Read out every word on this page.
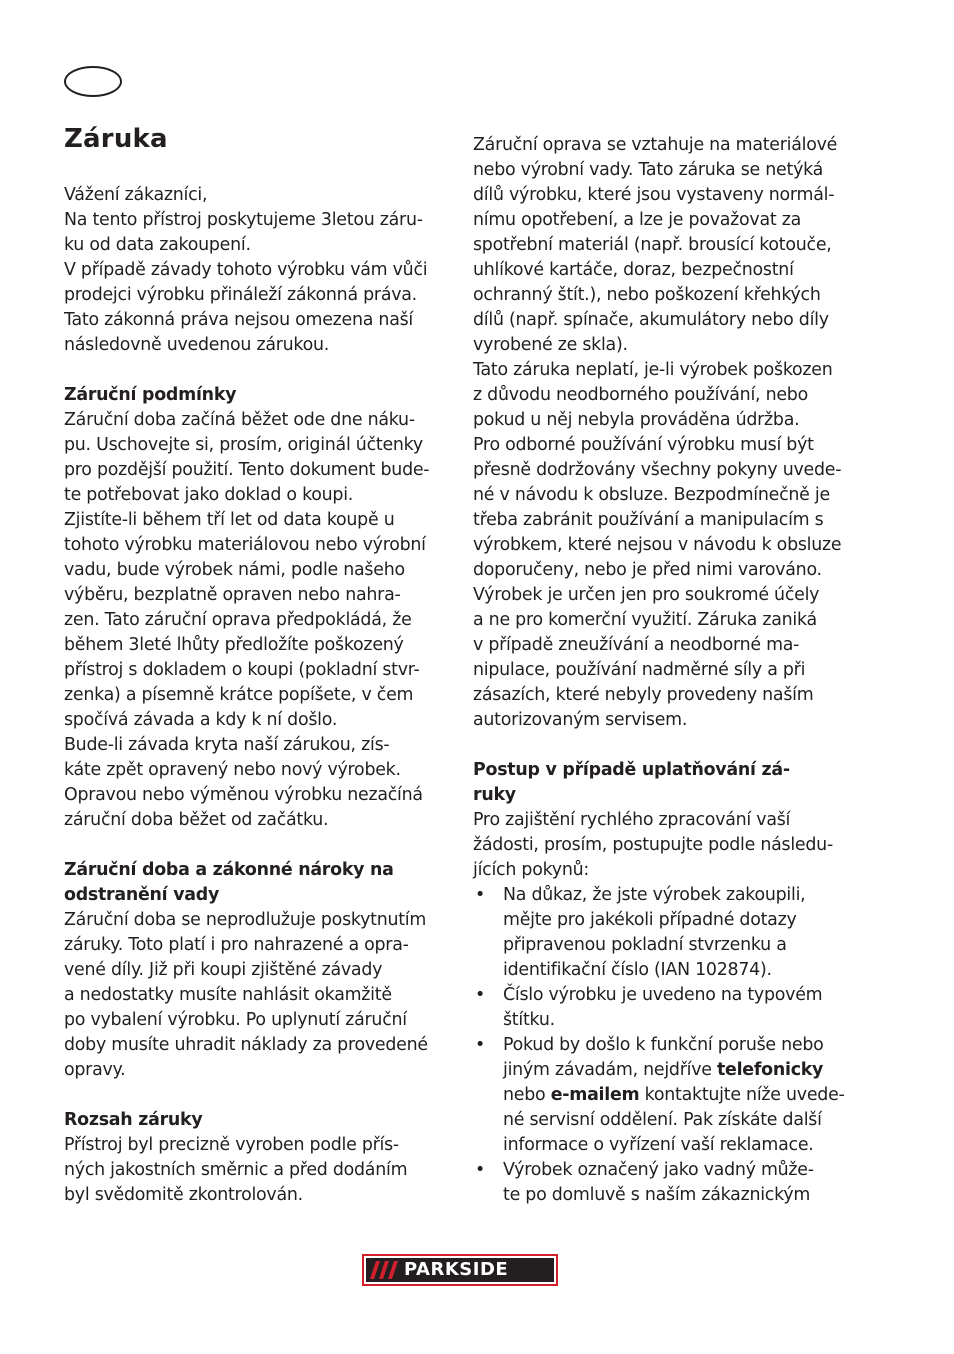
Záruka

Vážení zákazníci,

Na tento přístroj poskytujeme 3letou záru-

ku od data zakoupení.

V případě závady tohoto výrobku vám vůči

prodejci výrobku přináleží zákonná práva.

Tato zákonná práva nejsou omezena naší

následovně uvedenou zárukou.

Záruční podmínky

Záruční doba začíná běžet ode dne náku-

pu. Uschovejte si, prosím, originál účtenky

pro pozdější použití. Tento dokument bude-

te potřebovat jako doklad o koupi.

Zjistíte-li během tří let od data koupě u

tohoto výrobku materiálovou nebo výrobní

vadu, bude výrobek námi, podle našeho

výběru, bezplatně opraven nebo nahra-

zen. Tato záruční oprava předpokládá, že

během 3leté lhůty předložíte poškozený

přístroj s dokladem o koupi (pokladní stvr-

zenka) a písemně krátce popíšete, v čem

spočívá závada a kdy k ní došlo.

Bude-li závada kryta naší zárukou, zís-

káte zpět opravený nebo nový výrobek.

Opravou nebo výměnou výrobku nezačíná

záruční doba běžet od začátku.

Záruční doba a zákonné nároky na
odstranění vady

Záruční doba se neprodlužuje poskytnutím

záruky. Toto platí i pro nahrazené a opra-

vené díly. Již při koupi zjištěné závady

a nedostatky musíte nahlásit okamžitě

po vybalení výrobku. Po uplynutí záruční

doby musíte uhradit náklady za provedené

opravy.

Rozsah záruky

Přístroj byl precizně vyroben podle přís-

ných jakostních směrnic a před dodáním

byl svědomitě zkontrolován.

Záruční oprava se vztahuje na materiálové

nebo výrobní vady. Tato záruka se netýká

dílů výrobku, které jsou vystaveny normál-

nímu opotřebení, a lze je považovat za

spotřební materiál (např. brousící kotouče,

uhlíkové kartáče, doraz, bezpečnostní

ochranný štít.), nebo poškození křehkých

dílů (např. spínače, akumulátory nebo díly

vyrobené ze skla).

Tato záruka neplatí, je-li výrobek poškozen

z důvodu neodborného používání, nebo

pokud u něj nebyla prováděna údržba.

Pro odborné používání výrobku musí být

přesně dodržovány všechny pokyny uvede-

né v návodu k obsluze. Bezpodmínečně je

třeba zabránit používání a manipulacím s

výrobkem, které nejsou v návodu k obsluze

doporučeny, nebo je před nimi varováno.

Výrobek je určen jen pro soukromé účely

a ne pro komerční využití. Záruka zaniká

v případě zneužívání a neodborné ma-

nipulace, používání nadměrné síly a při

zásazích, které nebyly provedeny naším

autorizovaným servisem.

Postup v případě uplatňování zá-
ruky

Pro zajištění rychlého zpracování vaší

žádosti, prosím, postupujte podle následu-

jících pokynů:

• Na důkaz, že jste výrobek zakoupili,
mějte pro jakékoli případné dotazy
připravenou pokladní stvrzenku a
identifikační číslo (IAN 102874).
• Číslo výrobku je uvedeno na typovém
štítku.
• Pokud by došlo k funkční poruše nebo
jiným závadám, nejdříve telefonicky
nebo e-mailem kontaktujte níže uvede-
né servisní oddělení. Pak získáte další
informace o vyřízení vaší reklamace.
• Výrobek označený jako vadný může-
te po domluvě s naším zákaznickým
PARKSIDE
